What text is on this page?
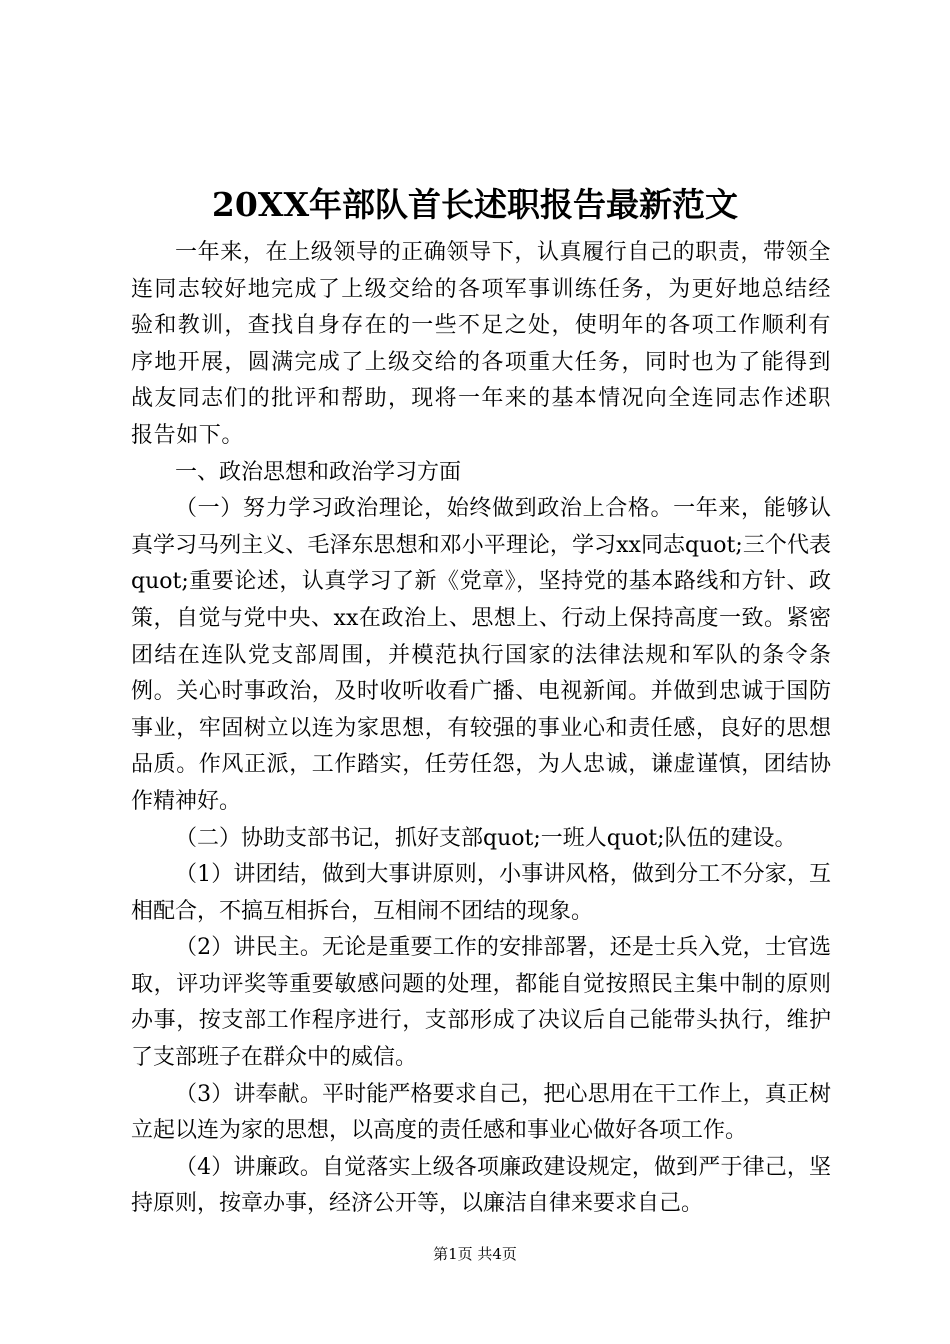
20XX年部队首长述职报告最新范文

一年来，在上级领导的正确领导下，认真履行自己的职责，带领全连同志较好地完成了上级交给的各项军事训练任务，为更好地总结经验和教训，查找自身存在的一些不足之处，使明年的各项工作顺利有序地开展，圆满完成了上级交给的各项重大任务，同时也为了能得到战友同志们的批评和帮助，现将一年来的基本情况向全连同志作述职报告如下。

一、政治思想和政治学习方面

（一）努力学习政治理论，始终做到政治上合格。一年来，能够认真学习马列主义、毛泽东思想和邓小平理论，学习xx同志quot;三个代表quot;重要论述，认真学习了新《党章》，坚持党的基本路线和方针、政策，自觉与党中央、xx在政治上、思想上、行动上保持高度一致。紧密团结在连队党支部周围，并模范执行国家的法律法规和军队的条令条例。关心时事政治，及时收听收看广播、电视新闻。并做到忠诚于国防事业，牢固树立以连为家思想，有较强的事业心和责任感，良好的思想品质。作风正派，工作踏实，任劳任怨，为人忠诚，谦虚谨慎，团结协作精神好。

（二）协助支部书记，抓好支部quot;一班人quot;队伍的建设。

（1）讲团结，做到大事讲原则，小事讲风格，做到分工不分家，互相配合，不搞互相拆台，互相闹不团结的现象。

（2）讲民主。无论是重要工作的安排部署，还是士兵入党，士官选取，评功评奖等重要敏感问题的处理，都能自觉按照民主集中制的原则办事，按支部工作程序进行，支部形成了决议后自己能带头执行，维护了支部班子在群众中的威信。

（3）讲奉献。平时能严格要求自己，把心思用在干工作上，真正树立起以连为家的思想，以高度的责任感和事业心做好各项工作。

（4）讲廉政。自觉落实上级各项廉政建设规定，做到严于律己，坚持原则，按章办事，经济公开等，以廉洁自律来要求自己。

第1页 共4页
